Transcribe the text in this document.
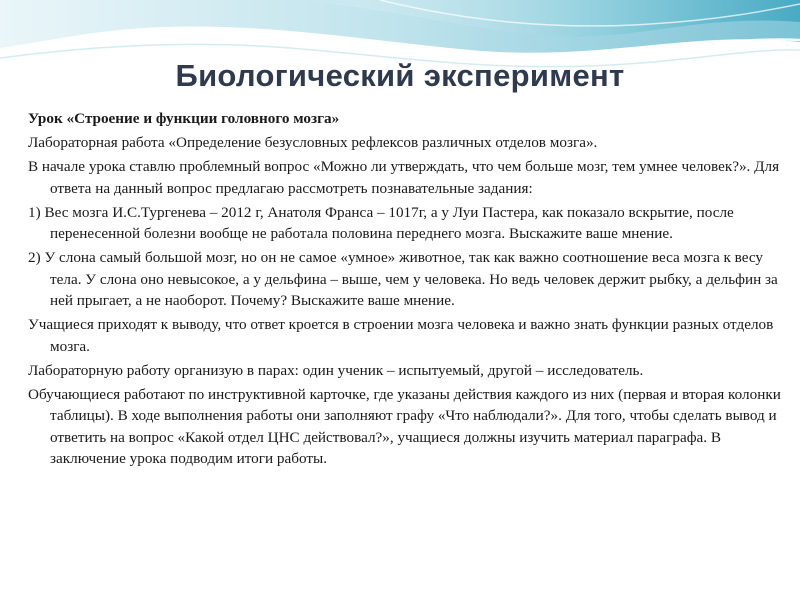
Биологический эксперимент

Урок «Строение и функции головного мозга»

Лабораторная работа «Определение безусловных рефлексов различных отделов мозга».

В начале урока ставлю проблемный вопрос «Можно ли утверждать, что чем больше мозг, тем умнее человек?». Для ответа на данный вопрос предлагаю рассмотреть познавательные задания:

1) Вес мозга И.С.Тургенева – 2012 г, Анатоля Франса – 1017г, а у Луи Пастера, как показало вскрытие, после перенесенной болезни вообще не работала половина переднего мозга. Выскажите ваше мнение.

2) У слона самый большой мозг, но он не самое «умное» животное, так как важно соотношение веса мозга к весу тела. У слона оно невысокое, а у дельфина – выше, чем у человека. Но ведь человек держит рыбку, а дельфин за ней прыгает, а не наоборот. Почему? Выскажите ваше мнение.

Учащиеся приходят к выводу, что ответ кроется в строении мозга человека и важно знать функции разных отделов мозга.

Лабораторную работу организую в парах: один ученик – испытуемый, другой – исследователь.

Обучающиеся работают по инструктивной карточке, где указаны действия каждого из них (первая и вторая колонки таблицы). В ходе выполнения работы они заполняют графу «Что наблюдали?». Для того, чтобы сделать вывод и ответить на вопрос «Какой отдел ЦНС действовал?», учащиеся должны изучить материал параграфа. В заключение урока подводим итоги работы.
